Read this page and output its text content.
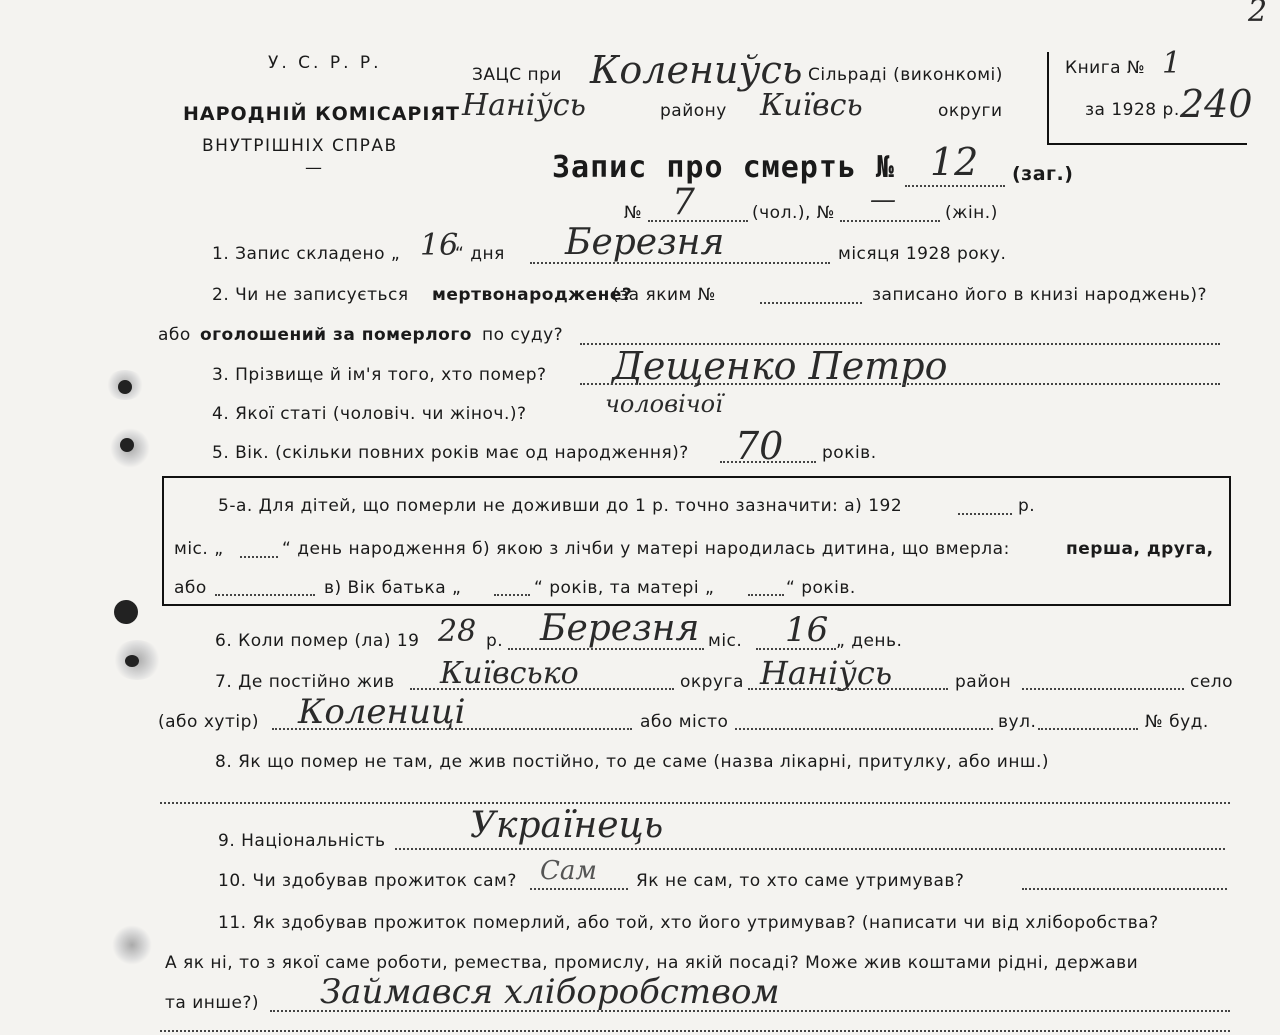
У. С. Р. Р.
НАРОДНІЙ КОМІСАРІЯТ
ВНУТРІШНІХ СПРАВ
—
ЗАЦС при Колениўсь Сільраді (виконкомі)
Наніўсь	району Київсь	округи
Книга № 1
за 1928 р. 240
2
Запис про смерть № 12 (заг.)
№ 7	(чол.), № —	(жін.)
1. Запис складено „ 16
“ дня Березня	місяця 1928 року.
2. Чи не записується мертвонароджене?
(за яким №	записано його в книзі народжень)?
або оголошений за померлого по суду?
3. Прізвище й ім'я того, хто помер? Дещенко Петро
4. Якої статі (чоловіч. чи жіноч.)?	чоловічої
5. Вік. (скільки повних років має од народження)? 70 років.
5-а. Для дітей, що померли не доживши до 1 р. точно зазначити: а) 192	р.
міс. „	“ день народження б) якою з лічби у матері народилась дитина, що вмерла:	перша, друга,
або	в) Вік батька „	“ років, та матері „	“ років.
6. Коли помер (ла) 19 28 р. Березня міс. 16 „ день.
7. Де постійно жив Київсько	округа Наніўсь	район	село
(або хутір) Колениці	або місто	вул.	№ буд.
8. Як що помер не там, де жив постійно, то де саме (назва лікарні, притулку, або инш.)
9. Національність Українець
10. Чи здобував прожиток сам? Сам Як не сам, то хто саме утримував?
11. Як здобував прожиток померлий, або той, хто його утримував? (написати чи від хліборобства?
А як ні, то з якої саме роботи, ремества, промислу, на якій посаді? Може жив коштами рідні, держави
та инше?) Займався хліборобством
